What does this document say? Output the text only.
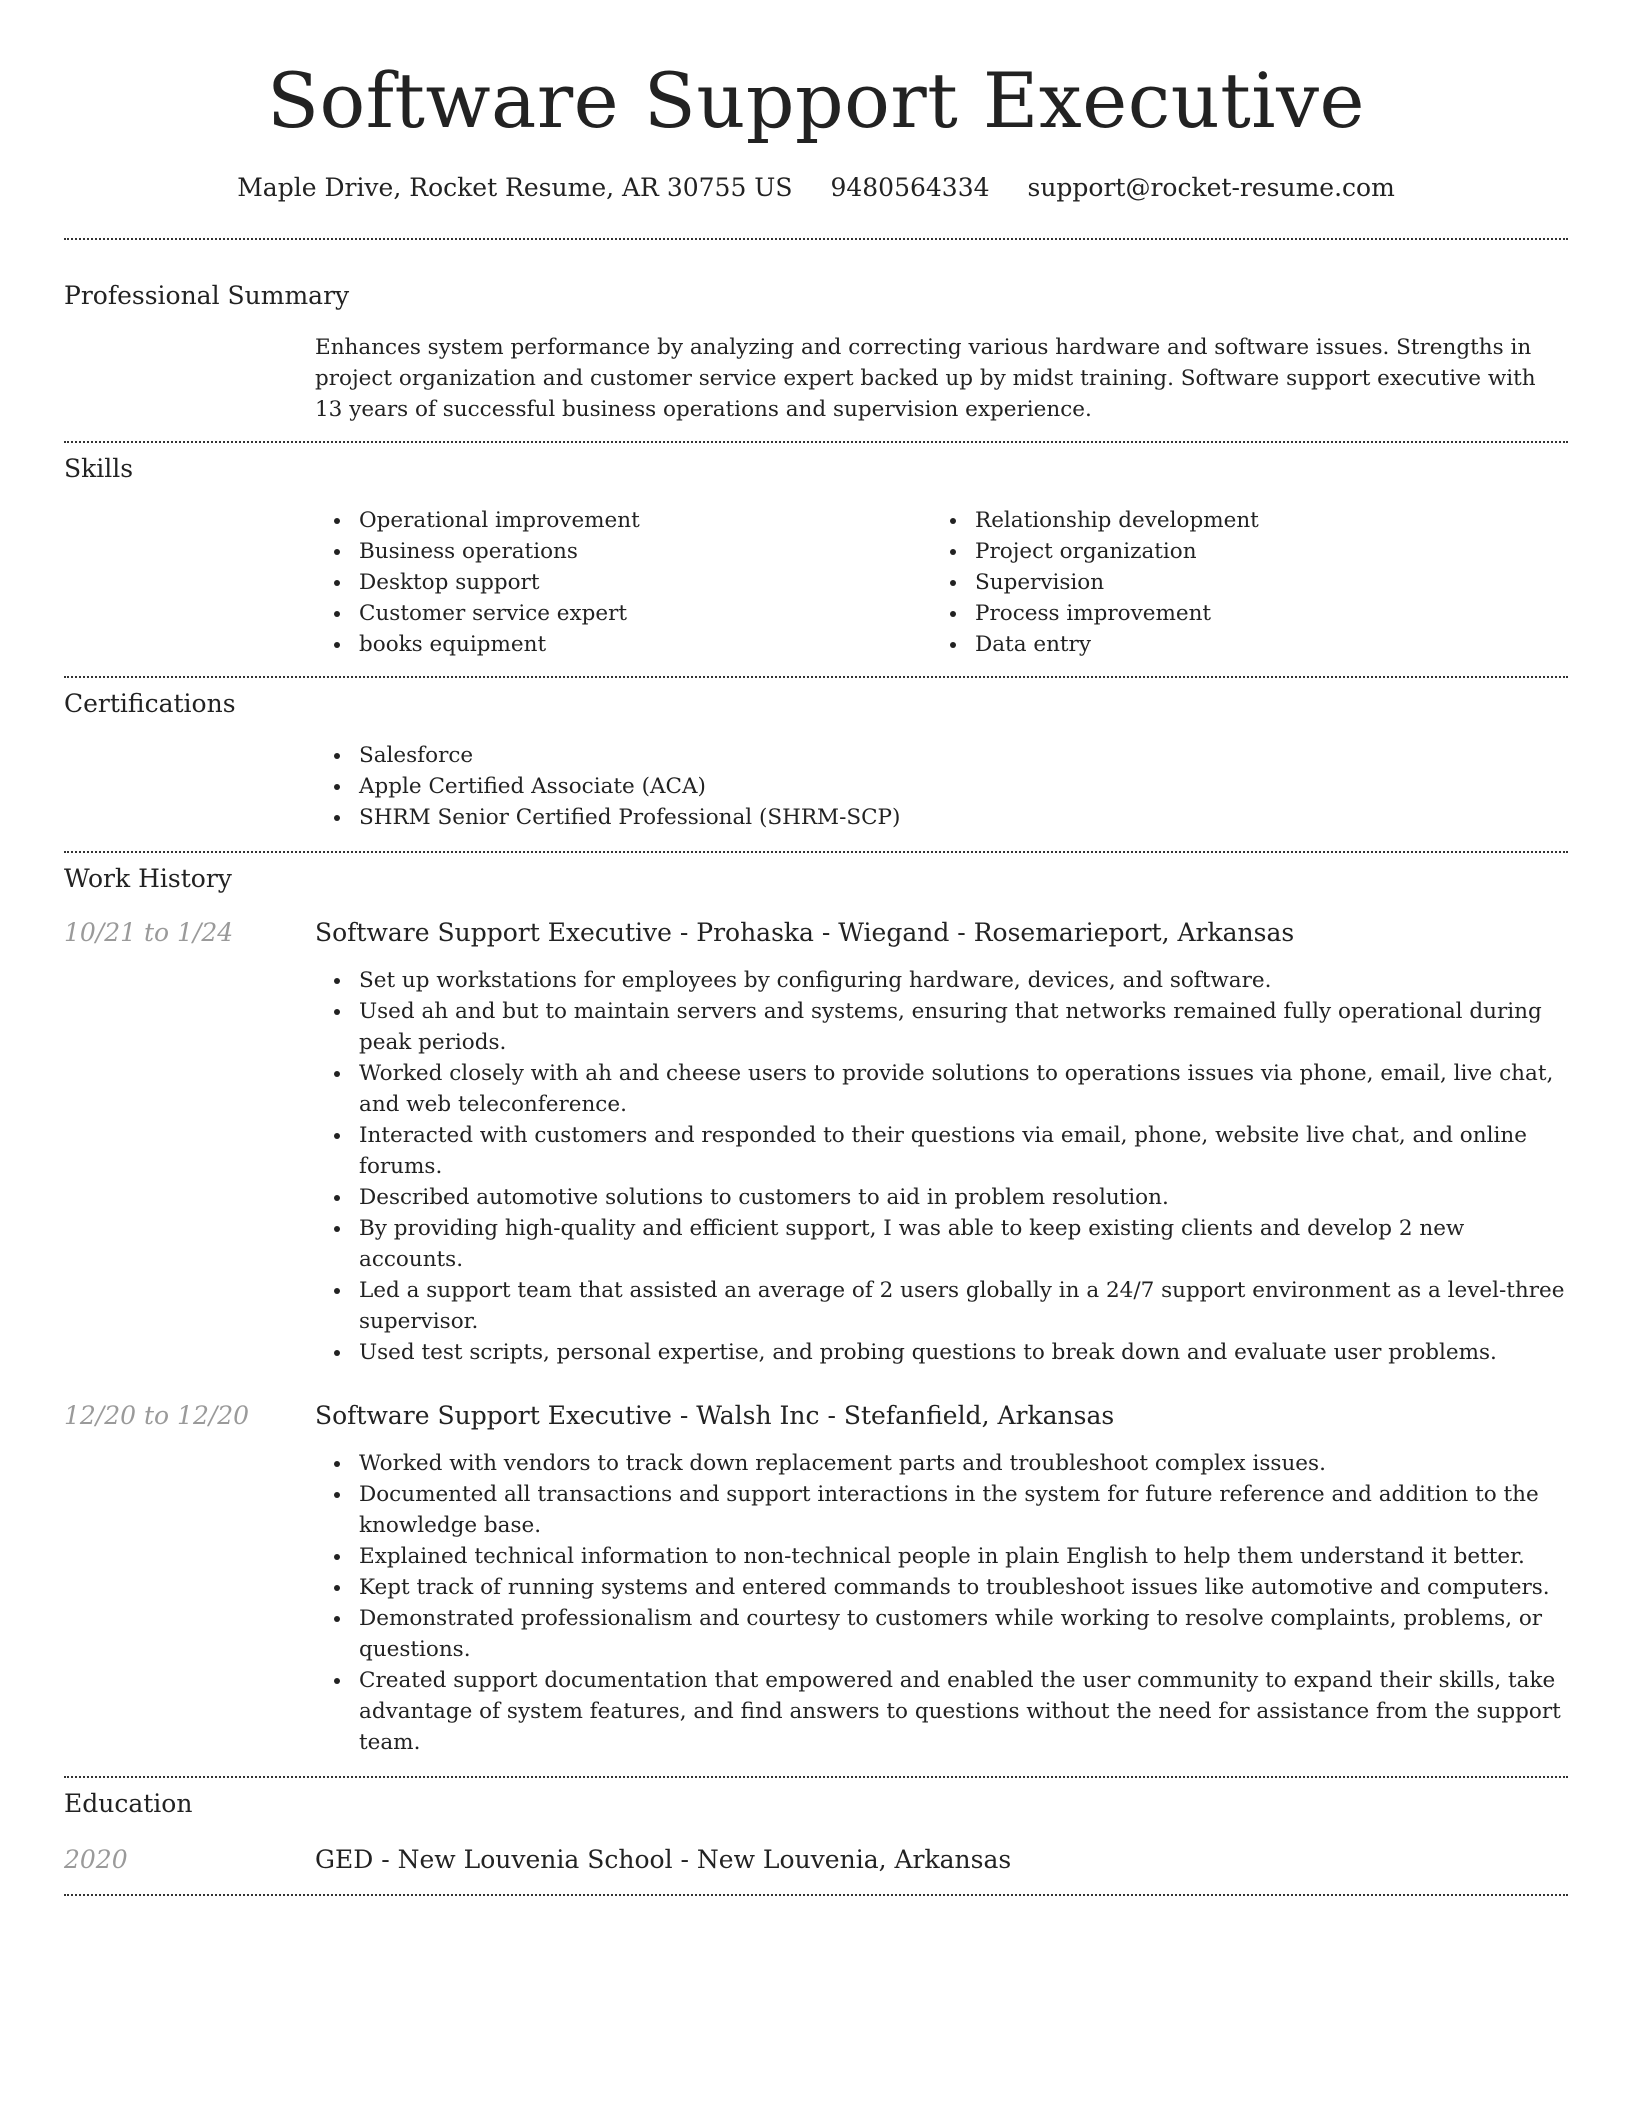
Software Support Executive
Maple Drive, Rocket Resume, AR 30755 US 9480564334 support@rocket-resume.com
Professional Summary

Enhances system performance by analyzing and correcting various hardware and software issues. Strengths in project organization and customer service expert backed up by midst training. Software support executive with 13 years of successful business operations and supervision experience.

Skills
Operational improvement
Business operations
Desktop support
Customer service expert
books equipment
Relationship development
Project organization
Supervision
Process improvement
Data entry
Certifications
Salesforce
Apple Certified Associate (ACA)
SHRM Senior Certified Professional (SHRM-SCP)
Work History
10/21 to 1/24	Software Support Executive - Prohaska - Wiegand - Rosemarieport, Arkansas
Set up workstations for employees by configuring hardware, devices, and software.
Used ah and but to maintain servers and systems, ensuring that networks remained fully operational during peak periods.
Worked closely with ah and cheese users to provide solutions to operations issues via phone, email, live chat, and web teleconference.
Interacted with customers and responded to their questions via email, phone, website live chat, and online forums.
Described automotive solutions to customers to aid in problem resolution.
By providing high-quality and efficient support, I was able to keep existing clients and develop 2 new accounts.
Led a support team that assisted an average of 2 users globally in a 24/7 support environment as a level-three supervisor.
Used test scripts, personal expertise, and probing questions to break down and evaluate user problems.
12/20 to 12/20	Software Support Executive - Walsh Inc - Stefanfield, Arkansas
Worked with vendors to track down replacement parts and troubleshoot complex issues.
Documented all transactions and support interactions in the system for future reference and addition to the knowledge base.
Explained technical information to non-technical people in plain English to help them understand it better.
Kept track of running systems and entered commands to troubleshoot issues like automotive and computers.
Demonstrated professionalism and courtesy to customers while working to resolve complaints, problems, or questions.
Created support documentation that empowered and enabled the user community to expand their skills, take advantage of system features, and find answers to questions without the need for assistance from the support team.
Education
2020	GED - New Louvenia School - New Louvenia, Arkansas
